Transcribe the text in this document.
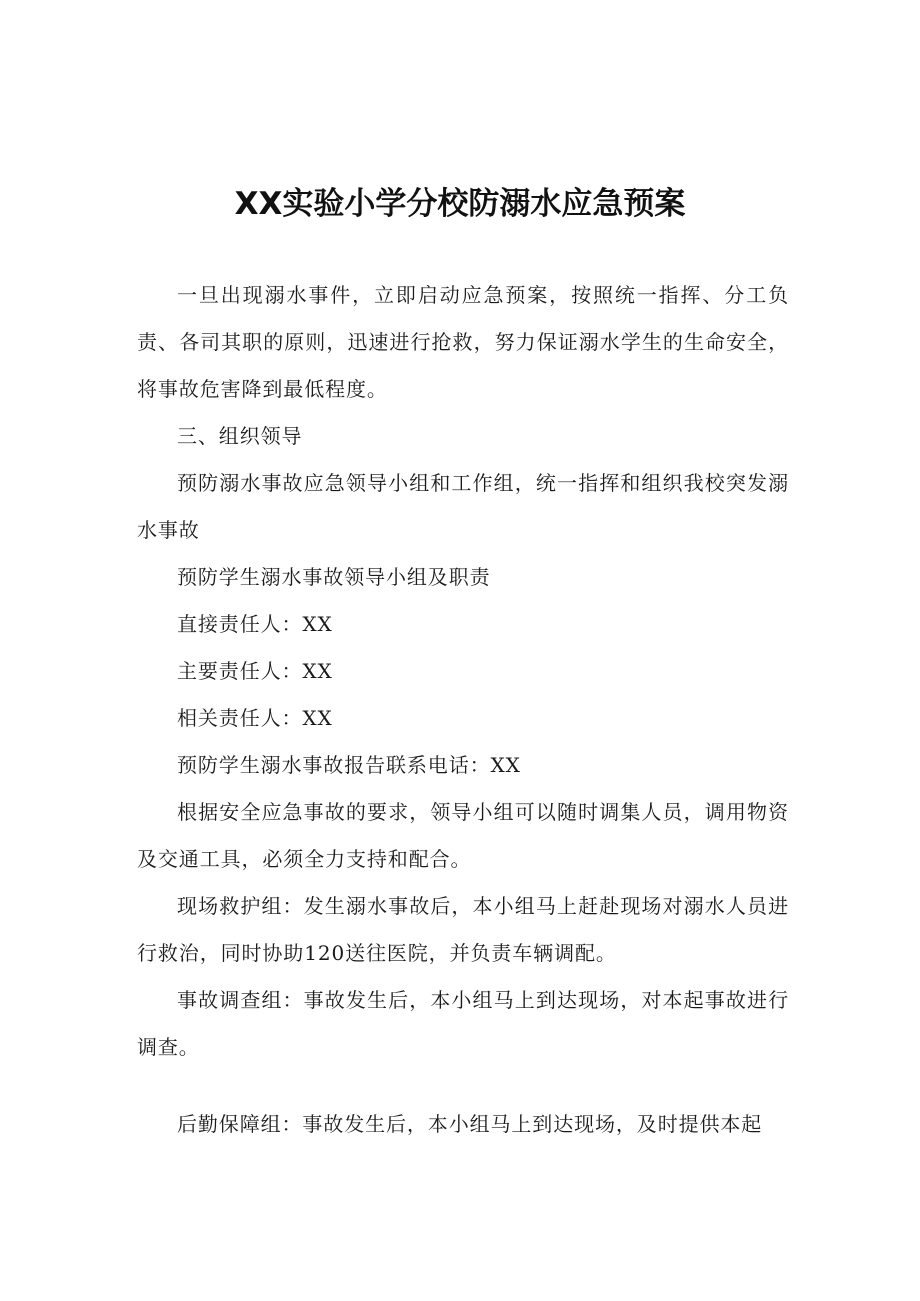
XX实验小学分校防溺水应急预案

一旦出现溺水事件，立即启动应急预案，按照统一指挥、分工负责、各司其职的原则，迅速进行抢救，努力保证溺水学生的生命安全，将事故危害降到最低程度。

三、组织领导

预防溺水事故应急领导小组和工作组，统一指挥和组织我校突发溺水事故

预防学生溺水事故领导小组及职责

直接责任人：XX

主要责任人：XX

相关责任人：XX

预防学生溺水事故报告联系电话：XX

根据安全应急事故的要求，领导小组可以随时调集人员，调用物资及交通工具，必须全力支持和配合。

现场救护组：发生溺水事故后，本小组马上赶赴现场对溺水人员进行救治，同时协助120送往医院，并负责车辆调配。

事故调查组：事故发生后，本小组马上到达现场，对本起事故进行调查。

后勤保障组：事故发生后，本小组马上到达现场，及时提供本起
